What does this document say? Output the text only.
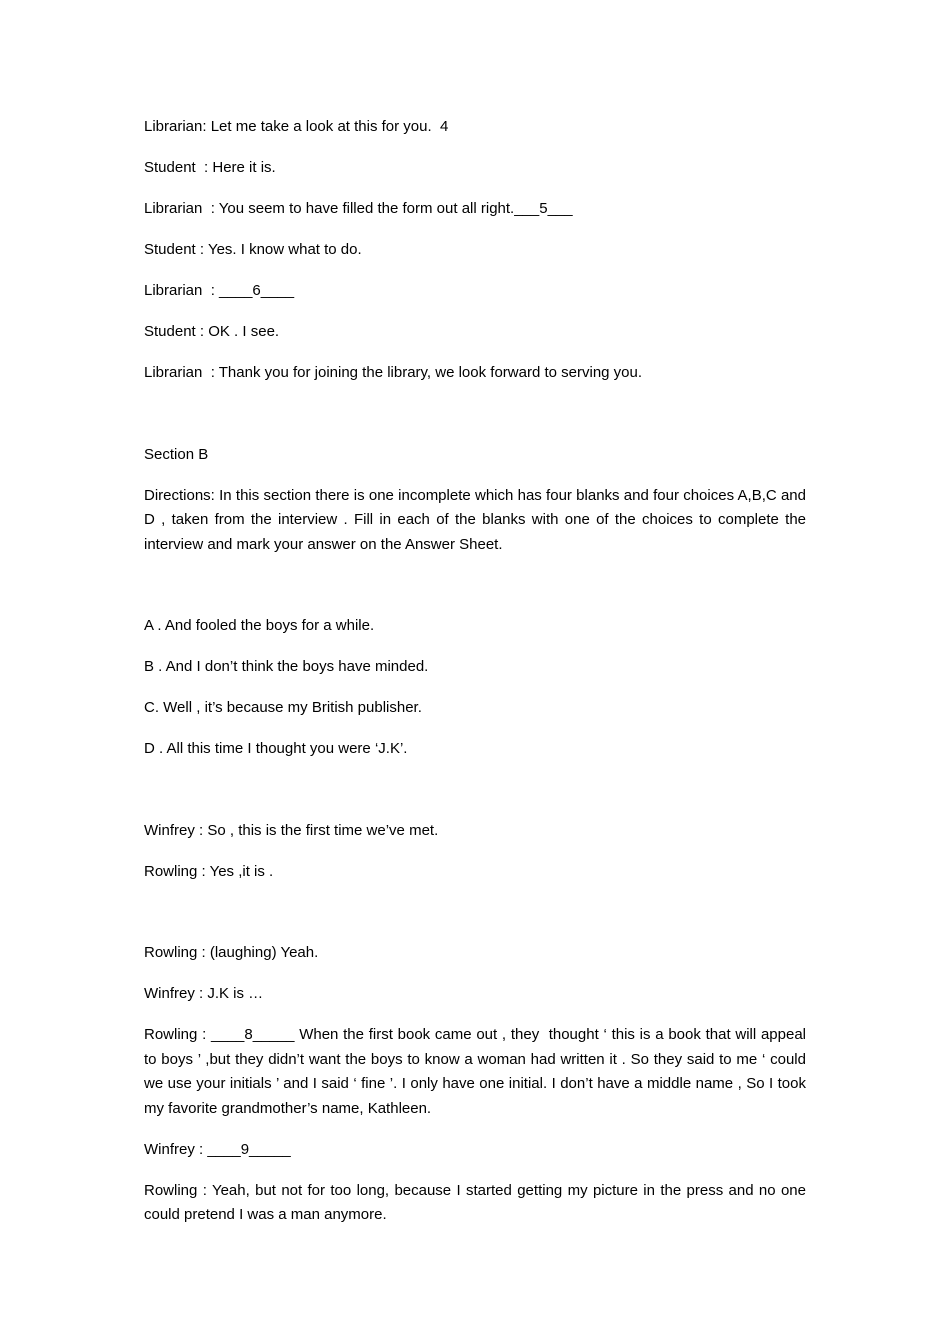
Librarian: Let me take a look at this for you.  4

Student  : Here it is.

Librarian  : You seem to have filled the form out all right.___5___

Student : Yes. I know what to do.

Librarian  : ____6____

Student : OK . I see.

Librarian  : Thank you for joining the library, we look forward to serving you.

Section B

Directions: In this section there is one incomplete which has four blanks and four choices A,B,C and D , taken from the interview . Fill in each of the blanks with one of the choices to complete the interview and mark your answer on the Answer Sheet.

A . And fooled the boys for a while.

B . And I don’t think the boys have minded.

C. Well , it’s because my British publisher.

D . All this time I thought you were ‘J.K’.

Winfrey : So , this is the first time we’ve met.

Rowling : Yes ,it is .

Rowling : (laughing) Yeah.

Winfrey : J.K is …

Rowling : ____8_____ When the first book came out , they  thought ‘ this is a book that will appeal to boys ’ ,but they didn’t want the boys to know a woman had written it . So they said to me ‘ could we use your initials ’ and I said ‘ fine ’. I only have one initial. I don’t have a middle name , So I took my favorite grandmother’s name, Kathleen.

Winfrey : ____9_____

Rowling : Yeah, but not for too long, because I started getting my picture in the press and no one could pretend I was a man anymore.
